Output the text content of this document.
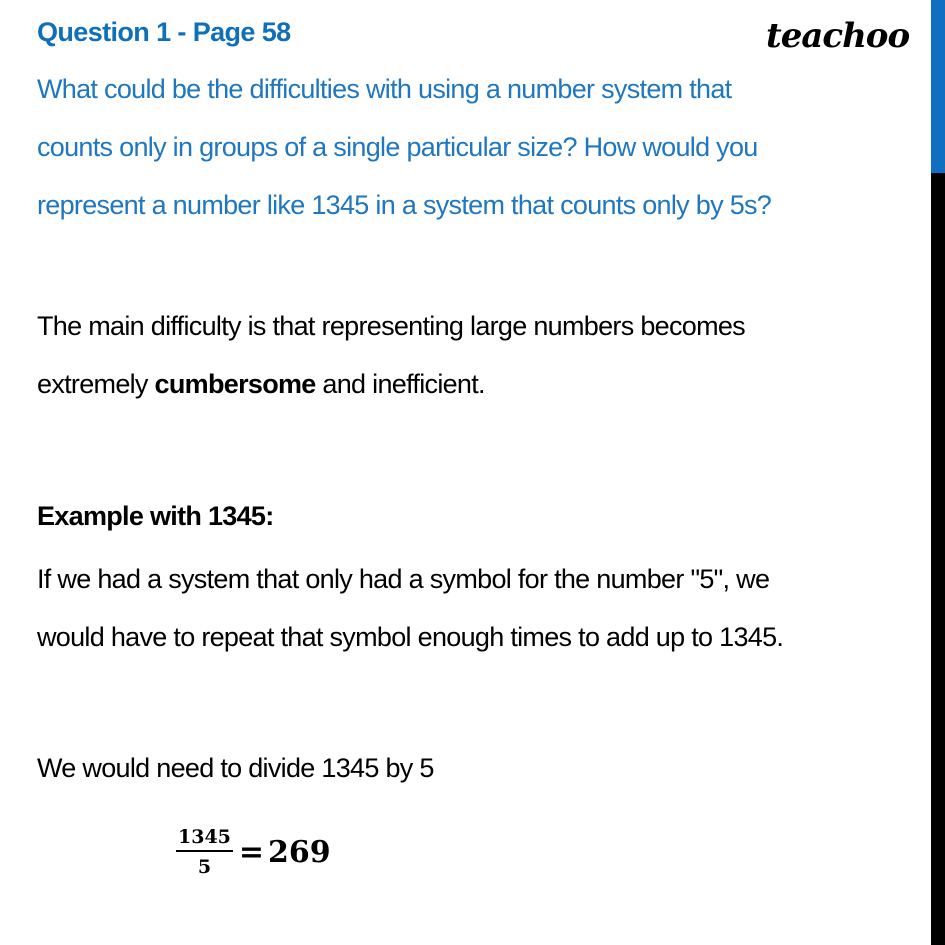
Question 1 - Page 58	teachoo
What could be the difficulties with using a number system that
counts only in groups of a single particular size? How would you
represent a number like 1345 in a system that counts only by 5s?
The main difficulty is that representing large numbers becomes
extremely cumbersome and inefficient.
Example with 1345:
If we had a system that only had a symbol for the number "5", we
would have to repeat that symbol enough times to add up to 1345.
We would need to divide 1345 by 5
$\frac{1345}{5} = 269$
